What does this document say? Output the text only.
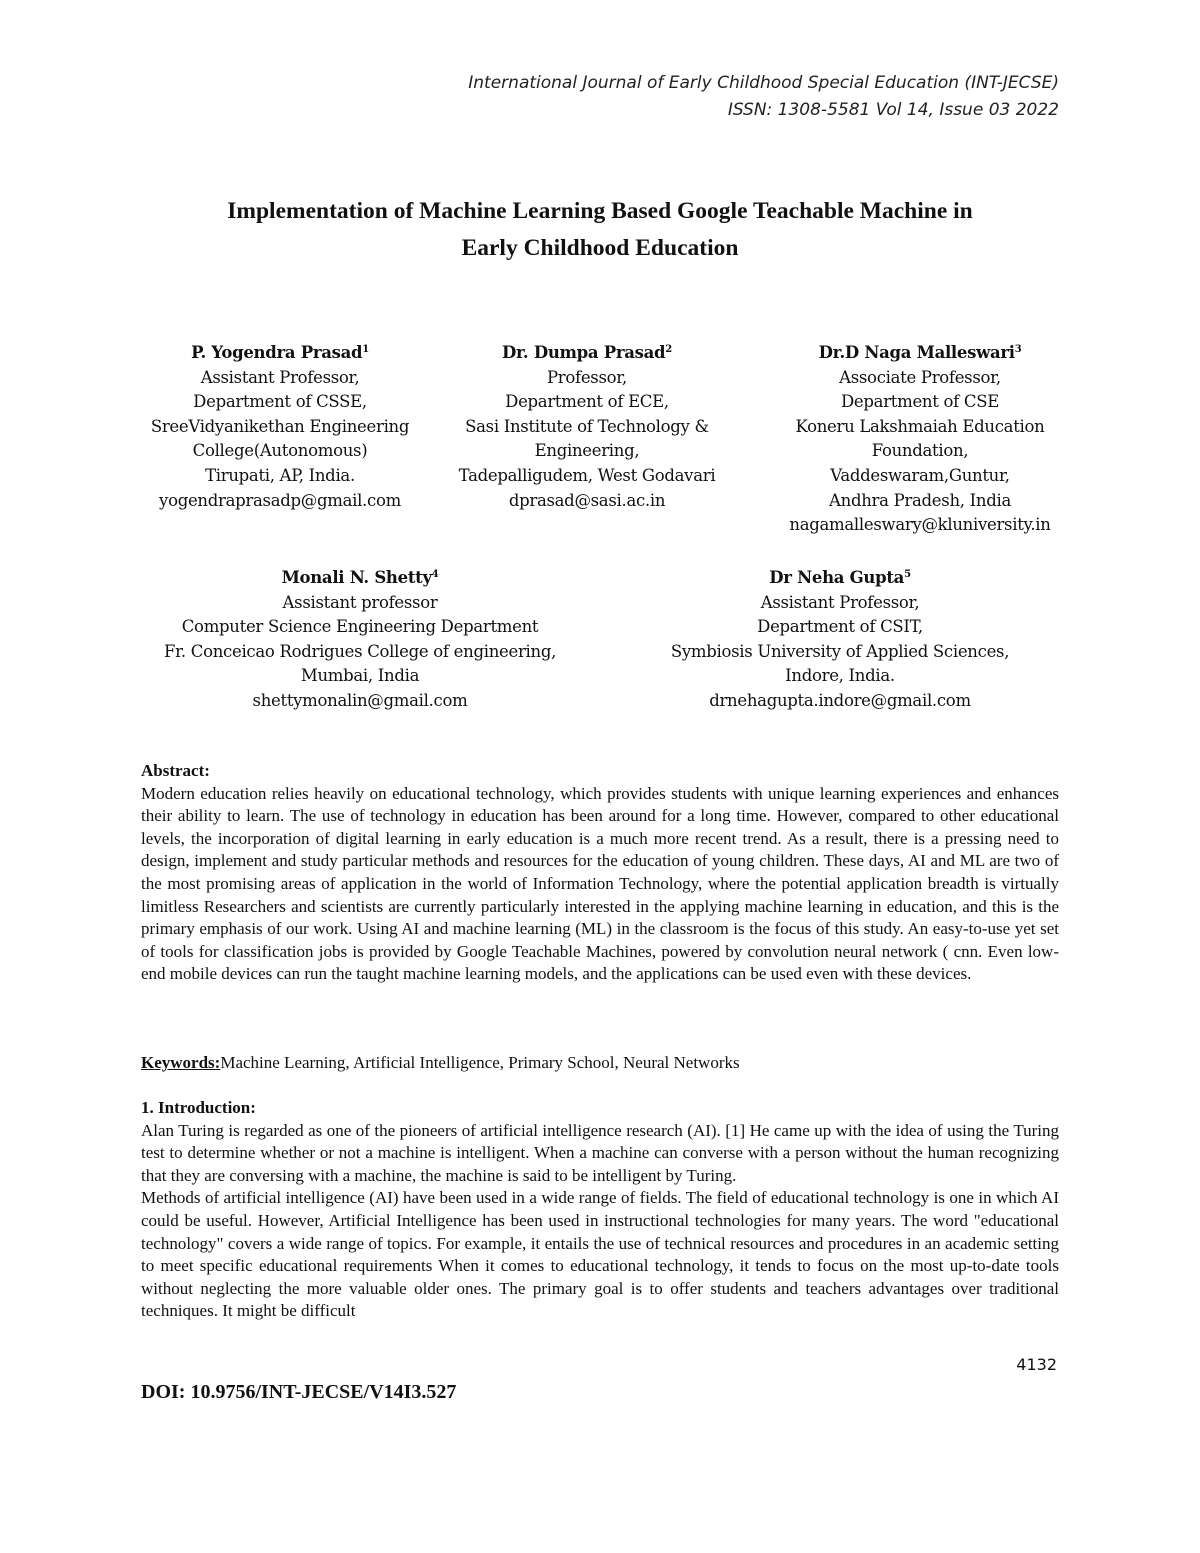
International Journal of Early Childhood Special Education (INT-JECSE)
ISSN: 1308-5581 Vol 14, Issue 03 2022
Implementation of Machine Learning Based Google Teachable Machine in
Early Childhood Education
P. Yogendra Prasad$^1$
Assistant Professor,
Department of CSSE,
SreeVidyanikethan Engineering
College(Autonomous)
Tirupati, AP, India.
yogendraprasadp@gmail.com
Dr. Dumpa Prasad$^2$
Professor,
Department of ECE,
Sasi Institute of Technology &
Engineering,
Tadepalligudem, West Godavari
dprasad@sasi.ac.in
Dr.D Naga Malleswari$^3$
Associate Professor,
Department of CSE
Koneru Lakshmaiah Education
Foundation,
Vaddeswaram,Guntur,
Andhra Pradesh, India
nagamalleswary@kluniversity.in
Monali N. Shetty$^4$
Assistant professor
Computer Science Engineering Department
Fr. Conceicao Rodrigues College of engineering,
Mumbai, India
shettymonalin@gmail.com
Dr Neha Gupta$^5$
Assistant Professor,
Department of CSIT,
Symbiosis University of Applied Sciences,
Indore, India.
drnehagupta.indore@gmail.com
Abstract:

Modern education relies heavily on educational technology, which provides students with unique learning experiences and enhances their ability to learn. The use of technology in education has been around for a long time. However, compared to other educational levels, the incorporation of digital learning in early education is a much more recent trend. As a result, there is a pressing need to design, implement and study particular methods and resources for the education of young children. These days, AI and ML are two of the most promising areas of application in the world of Information Technology, where the potential application breadth is virtually limitless Researchers and scientists are currently particularly interested in the applying machine learning in education, and this is the primary emphasis of our work. Using AI and machine learning (ML) in the classroom is the focus of this study. An easy-to-use yet set of tools for classification jobs is provided by Google Teachable Machines, powered by convolution neural network ( cnn. Even low-end mobile devices can run the taught machine learning models, and the applications can be used even with these devices.

Keywords:Machine Learning, Artificial Intelligence, Primary School, Neural Networks
1. Introduction:

Alan Turing is regarded as one of the pioneers of artificial intelligence research (AI). [1] He came up with the idea of using the Turing test to determine whether or not a machine is intelligent. When a machine can converse with a person without the human recognizing that they are conversing with a machine, the machine is said to be intelligent by Turing.

Methods of artificial intelligence (AI) have been used in a wide range of fields. The field of educational technology is one in which AI could be useful. However, Artificial Intelligence has been used in instructional technologies for many years. The word "educational technology" covers a wide range of topics. For example, it entails the use of technical resources and procedures in an academic setting to meet specific educational requirements When it comes to educational technology, it tends to focus on the most up-to-date tools without neglecting the more valuable older ones. The primary goal is to offer students and teachers advantages over traditional techniques. It might be difficult

4132
DOI: 10.9756/INT-JECSE/V14I3.527
